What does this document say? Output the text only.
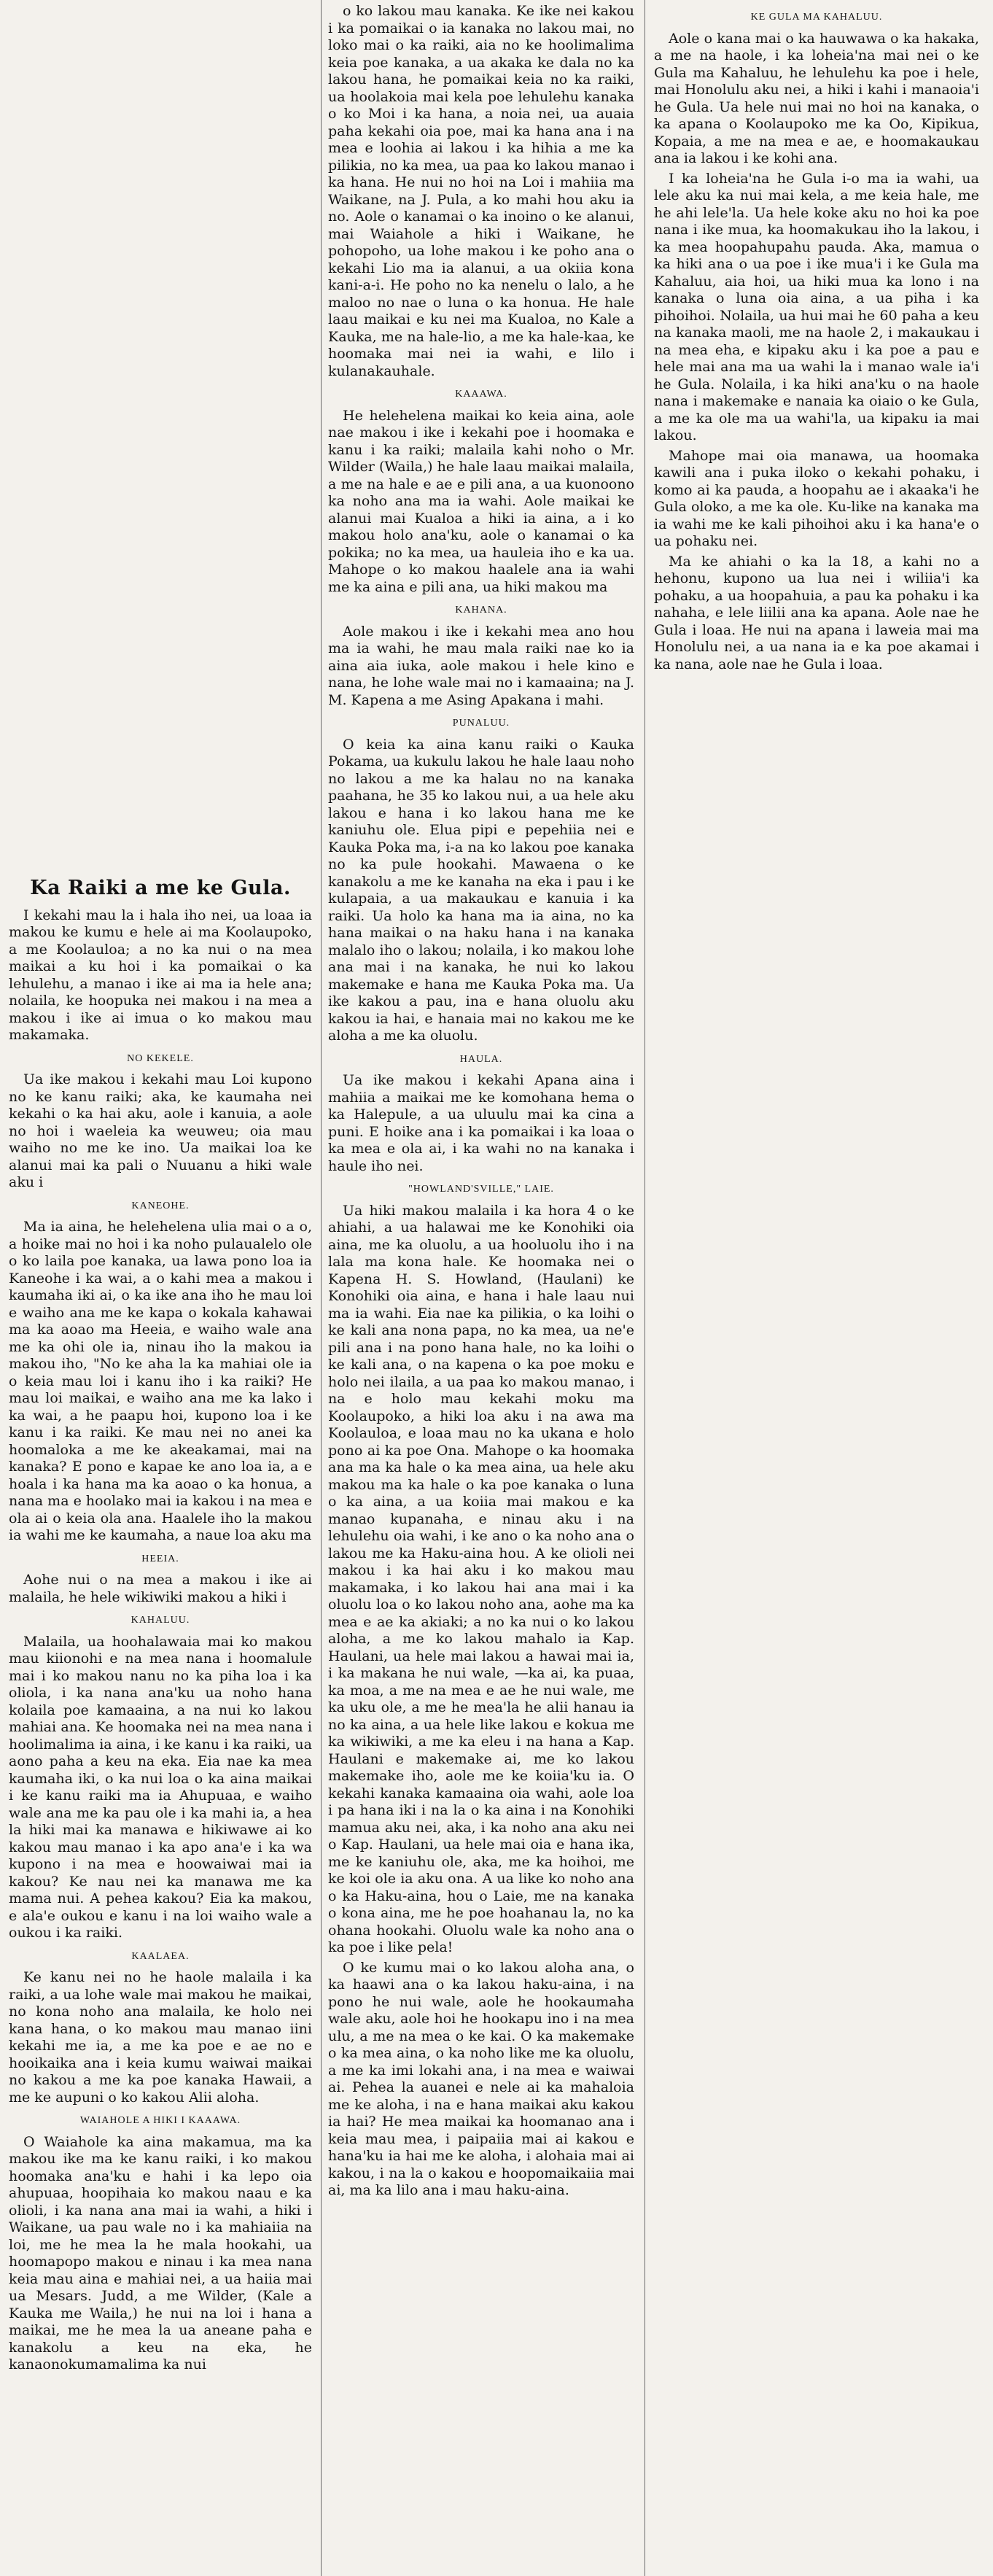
Ka Raiki a me ke Gula.

I kekahi mau la i hala iho nei, ua loaa ia makou ke kumu e hele ai ma Koolaupoko, a me Koolauloa; a no ka nui o na mea maikai a ku hoi i ka pomaikai o ka lehulehu, a manao i ike ai ma ia hele ana; nolaila, ke hoopuka nei makou i na mea a makou i ike ai imua o ko makou mau makamaka.

NO KEKELE.

Ua ike makou i kekahi mau Loi kupono no ke kanu raiki; aka, ke kaumaha nei kekahi o ka hai aku, aole i kanuia, a aole no hoi i waeleia ka weuweu; oia mau waiho no me ke ino. Ua maikai loa ke alanui mai ka pali o Nuuanu a hiki wale aku i

KANEOHE.

Ma ia aina, he helehelena ulia mai o a o, a hoike mai no hoi i ka noho pulaualelo ole o ko laila poe kanaka, ua lawa pono loa ia Kaneohe i ka wai, a o kahi mea a makou i kaumaha iki ai, o ka ike ana iho he mau loi e waiho ana me ke kapa o kokala kahawai ma ka aoao ma Heeia, e waiho wale ana me ka ohi ole ia, ninau iho la makou ia makou iho, "No ke aha la ka mahiai ole ia o keia mau loi i kanu iho i ka raiki? He mau loi maikai, e waiho ana me ka lako i ka wai, a he paapu hoi, kupono loa i ke kanu i ka raiki. Ke mau nei no anei ka hoomaloka a me ke akeakamai, mai na kanaka? E pono e kapae ke ano loa ia, a e hoala i ka hana ma ka aoao o ka honua, a nana ma e hoolako mai ia kakou i na mea e ola ai o keia ola ana. Haalele iho la makou ia wahi me ke kaumaha, a naue loa aku ma

HEEIA.

Aohe nui o na mea a makou i ike ai malaila, he hele wikiwiki makou a hiki i

KAHALUU.

Malaila, ua hoohalawaia mai ko makou mau kiionohi e na mea nana i hoomalule mai i ko makou nanu no ka piha loa i ka oliola, i ka nana ana'ku ua noho hana kolaila poe kamaaina, a na nui ko lakou mahiai ana. Ke hoomaka nei na mea nana i hoolimalima ia aina, i ke kanu i ka raiki, ua aono paha a keu na eka. Eia nae ka mea kaumaha iki, o ka nui loa o ka aina maikai i ke kanu raiki ma ia Ahupuaa, e waiho wale ana me ka pau ole i ka mahi ia, a hea la hiki mai ka manawa e hikiwawe ai ko kakou mau manao i ka apo ana'e i ka wa kupono i na mea e hoowaiwai mai ia kakou? Ke nau nei ka manawa me ka mama nui. A pehea kakou? Eia ka makou, e ala'e oukou e kanu i na loi waiho wale a oukou i ka raiki.

KAALAEA.

Ke kanu nei no he haole malaila i ka raiki, a ua lohe wale mai makou he maikai, no kona noho ana malaila, ke holo nei kana hana, o ko makou mau manao iini kekahi me ia, a me ka poe e ae no e hooikaika ana i keia kumu waiwai maikai no kakou a me ka poe kanaka Hawaii, a me ke aupuni o ko kakou Alii aloha.

WAIAHOLE A HIKI I KAAAWA.

O Waiahole ka aina makamua, ma ka makou ike ma ke kanu raiki, i ko makou hoomaka ana'ku e hahi i ka lepo oia ahupuaa, hoopihaia ko makou naau e ka olioli, i ka nana ana mai ia wahi, a hiki i Waikane, ua pau wale no i ka mahiaiia na loi, me he mea la he mala hookahi, ua hoomapopo makou e ninau i ka mea nana keia mau aina e mahiai nei, a ua haiia mai ua Mesars. Judd, a me Wilder, (Kale a Kauka me Waila,) he nui na loi i hana a maikai, me he mea la ua aneane paha e kanakolu a keu na eka, he kanaonokumamalima ka nui

o ko lakou mau kanaka. Ke ike nei kakou i ka pomaikai o ia kanaka no lakou mai, no loko mai o ka raiki, aia no ke hoolimalima keia poe kanaka, a ua akaka ke dala no ka lakou hana, he pomaikai keia no ka raiki, ua hoolakoia mai kela poe lehulehu kanaka o ko Moi i ka hana, a noia nei, ua auaia paha kekahi oia poe, mai ka hana ana i na mea e loohia ai lakou i ka hihia a me ka pilikia, no ka mea, ua paa ko lakou manao i ka hana. He nui no hoi na Loi i mahiia ma Waikane, na J. Pula, a ko mahi hou aku ia no. Aole o kanamai o ka inoino o ke alanui, mai Waiahole a hiki i Waikane, he pohopoho, ua lohe makou i ke poho ana o kekahi Lio ma ia alanui, a ua okiia kona kani-a-i. He poho no ka nenelu o lalo, a he maloo no nae o luna o ka honua. He hale laau maikai e ku nei ma Kualoa, no Kale a Kauka, me na hale-lio, a me ka hale-kaa, ke hoomaka mai nei ia wahi, e lilo i kulanakauhale.

KAAAWA.

He helehelena maikai ko keia aina, aole nae makou i ike i kekahi poe i hoomaka e kanu i ka raiki; malaila kahi noho o Mr. Wilder (Waila,) he hale laau maikai malaila, a me na hale e ae e pili ana, a ua kuonoono ka noho ana ma ia wahi. Aole maikai ke alanui mai Kualoa a hiki ia aina, a i ko makou holo ana'ku, aole o kanamai o ka pokika; no ka mea, ua hauleia iho e ka ua. Mahope o ko makou haalele ana ia wahi me ka aina e pili ana, ua hiki makou ma

KAHANA.

Aole makou i ike i kekahi mea ano hou ma ia wahi, he mau mala raiki nae ko ia aina aia iuka, aole makou i hele kino e nana, he lohe wale mai no i kamaaina; na J. M. Kapena a me Asing Apakana i mahi.

PUNALUU.

O keia ka aina kanu raiki o Kauka Pokama, ua kukulu lakou he hale laau noho no lakou a me ka halau no na kanaka paahana, he 35 ko lakou nui, a ua hele aku lakou e hana i ko lakou hana me ke kaniuhu ole. Elua pipi e pepehiia nei e Kauka Poka ma, i-a na ko lakou poe kanaka no ka pule hookahi. Mawaena o ke kanakolu a me ke kanaha na eka i pau i ke kulapaia, a ua makaukau e kanuia i ka raiki. Ua holo ka hana ma ia aina, no ka hana maikai o na haku hana i na kanaka malalo iho o lakou; nolaila, i ko makou lohe ana mai i na kanaka, he nui ko lakou makemake e hana me Kauka Poka ma. Ua ike kakou a pau, ina e hana oluolu aku kakou ia hai, e hanaia mai no kakou me ke aloha a me ka oluolu.

HAULA.

Ua ike makou i kekahi Apana aina i mahiia a maikai me ke komohana hema o ka Halepule, a ua uluulu mai ka cina a puni. E hoike ana i ka pomaikai i ka loaa o ka mea e ola ai, i ka wahi no na kanaka i haule iho nei.

"HOWLAND'SVILLE," LAIE.

Ua hiki makou malaila i ka hora 4 o ke ahiahi, a ua halawai me ke Konohiki oia aina, me ka oluolu, a ua hooluolu iho i na lala ma kona hale. Ke hoomaka nei o Kapena H. S. Howland, (Haulani) ke Konohiki oia aina, e hana i hale laau nui ma ia wahi. Eia nae ka pilikia, o ka loihi o ke kali ana nona papa, no ka mea, ua ne'e pili ana i na pono hana hale, no ka loihi o ke kali ana, o na kapena o ka poe moku e holo nei ilaila, a ua paa ko makou manao, i na e holo mau kekahi moku ma Koolaupoko, a hiki loa aku i na awa ma Koolauloa, e loaa mau no ka ukana e holo pono ai ka poe Ona. Mahope o ka hoomaka ana ma ka hale o ka mea aina, ua hele aku makou ma ka hale o ka poe kanaka o luna o ka aina, a ua koiia mai makou e ka manao kupanaha, e ninau aku i na lehulehu oia wahi, i ke ano o ka noho ana o lakou me ka Haku-aina hou. A ke olioli nei makou i ka hai aku i ko makou mau makamaka, i ko lakou hai ana mai i ka oluolu loa o ko lakou noho ana, aohe ma ka mea e ae ka akiaki; a no ka nui o ko lakou aloha, a me ko lakou mahalo ia Kap. Haulani, ua hele mai lakou a hawai mai ia, i ka makana he nui wale, —ka ai, ka puaa, ka moa, a me na mea e ae he nui wale, me ka uku ole, a me he mea'la he alii hanau ia no ka aina, a ua hele like lakou e kokua me ka wikiwiki, a me ka eleu i na hana a Kap. Haulani e makemake ai, me ko lakou makemake iho, aole me ke koiia'ku ia. O kekahi kanaka kamaaina oia wahi, aole loa i pa hana iki i na la o ka aina i na Konohiki mamua aku nei, aka, i ka noho ana aku nei o Kap. Haulani, ua hele mai oia e hana ika, me ke kaniuhu ole, aka, me ka hoihoi, me ke koi ole ia aku ona. A ua like ko noho ana o ka Haku-aina, hou o Laie, me na kanaka o kona aina, me he poe hoahanau la, no ka ohana hookahi. Oluolu wale ka noho ana o ka poe i like pela!

O ke kumu mai o ko lakou aloha ana, o ka haawi ana o ka lakou haku-aina, i na pono he nui wale, aole he hookaumaha wale aku, aole hoi he hookapu ino i na mea ulu, a me na mea o ke kai. O ka makemake o ka mea aina, o ka noho like me ka oluolu, a me ka imi lokahi ana, i na mea e waiwai ai. Pehea la auanei e nele ai ka mahaloia me ke aloha, i na e hana maikai aku kakou ia hai? He mea maikai ka hoomanao ana i keia mau mea, i paipaiia mai ai kakou e hana'ku ia hai me ke aloha, i alohaia mai ai kakou, i na la o kakou e hoopomaikaiia mai ai, ma ka lilo ana i mau haku-aina.

KE GULA MA KAHALUU.

Aole o kana mai o ka hauwawa o ka hakaka, a me na haole, i ka loheia'na mai nei o ke Gula ma Kahaluu, he lehulehu ka poe i hele, mai Honolulu aku nei, a hiki i kahi i manaoia'i he Gula. Ua hele nui mai no hoi na kanaka, o ka apana o Koolaupoko me ka Oo, Kipikua, Kopaia, a me na mea e ae, e hoomakaukau ana ia lakou i ke kohi ana.

I ka loheia'na he Gula i-o ma ia wahi, ua lele aku ka nui mai kela, a me keia hale, me he ahi lele'la. Ua hele koke aku no hoi ka poe nana i ike mua, ka hoomakukau iho la lakou, i ka mea hoopahupahu pauda. Aka, mamua o ka hiki ana o ua poe i ike mua'i i ke Gula ma Kahaluu, aia hoi, ua hiki mua ka lono i na kanaka o luna oia aina, a ua piha i ka pihoihoi. Nolaila, ua hui mai he 60 paha a keu na kanaka maoli, me na haole 2, i makaukau i na mea eha, e kipaku aku i ka poe a pau e hele mai ana ma ua wahi la i manao wale ia'i he Gula. Nolaila, i ka hiki ana'ku o na haole nana i makemake e nanaia ka oiaio o ke Gula, a me ka ole ma ua wahi'la, ua kipaku ia mai lakou.

Mahope mai oia manawa, ua hoomaka kawili ana i puka iloko o kekahi pohaku, i komo ai ka pauda, a hoopahu ae i akaaka'i he Gula oloko, a me ka ole. Ku-like na kanaka ma ia wahi me ke kali pihoihoi aku i ka hana'e o ua pohaku nei.

Ma ke ahiahi o ka la 18, a kahi no a hehonu, kupono ua lua nei i wiliia'i ka pohaku, a ua hoopahuia, a pau ka pohaku i ka nahaha, e lele liilii ana ka apana. Aole nae he Gula i loaa. He nui na apana i laweia mai ma Honolulu nei, a ua nana ia e ka poe akamai i ka nana, aole nae he Gula i loaa.
